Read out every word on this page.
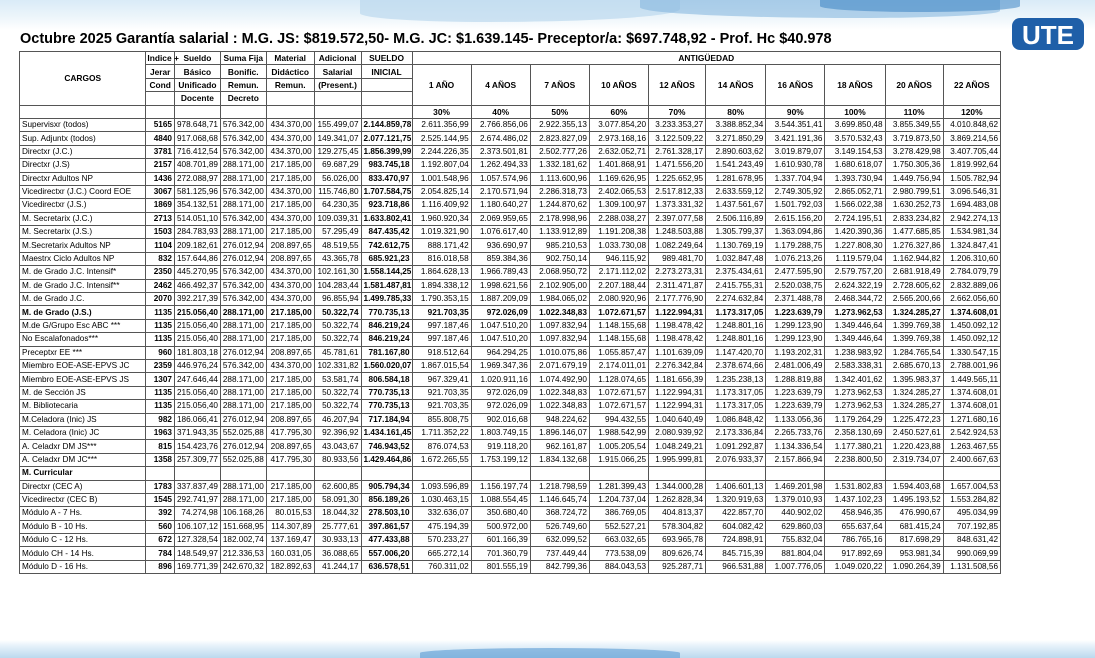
UTE
Octubre 2025 Garantía salarial : M.G. JS: $819.572,50- M.G. JC: $1.639.145- Preceptor/a: $697.748,92 - Prof. Hc $40.978
CARGOS	Indice +	Sueldo	Suma Fija	Material	Adicional	SUELDO	ANTIGÜEDAD									
	Jerar	Básico	Bonific.	Didáctico	Salarial	INICIAL	1 AÑO	4 AÑOS	7 AÑOS	10 AÑOS	12 AÑOS	14 AÑOS	16 AÑOS	18 AÑOS	20 AÑOS	22 AÑOS
	Cond	Unificado	Remun.	Remun.	(Present.)											
		Docente	Decreto													
							30%	40%	50%	60%	70%	80%	90%	100%	110%	120%
Supervisxr (todos)	5165	978.648,71	576.342,00	434.370,00	155.499,07	2.144.859,78	2.611.356,99	2.766.856,06	2.922.355,13	3.077.854,20	3.233.353,27	3.388.852,34	3.544.351,41	3.699.850,48	3.855.349,55	4.010.848,62
Sup. Adjuntx (todos)	4840	917.068,68	576.342,00	434.370,00	149.341,07	2.077.121,75	2.525.144,95	2.674.486,02	2.823.827,09	2.973.168,16	3.122.509,22	3.271.850,29	3.421.191,36	3.570.532,43	3.719.873,50	3.869.214,56
Directxr (J.C.)	3781	716.412,54	576.342,00	434.370,00	129.275,45	1.856.399,99	2.244.226,35	2.373.501,81	2.502.777,26	2.632.052,71	2.761.328,17	2.890.603,62	3.019.879,07	3.149.154,53	3.278.429,98	3.407.705,44
Directxr (J.S)	2157	408.701,89	288.171,00	217.185,00	69.687,29	983.745,18	1.192.807,04	1.262.494,33	1.332.181,62	1.401.868,91	1.471.556,20	1.541.243,49	1.610.930,78	1.680.618,07	1.750.305,36	1.819.992,64
Directxr Adultos NP	1436	272.088,97	288.171,00	217.185,00	56.026,00	833.470,97	1.001.548,96	1.057.574,96	1.113.600,96	1.169.626,95	1.225.652,95	1.281.678,95	1.337.704,94	1.393.730,94	1.449.756,94	1.505.782,94
Vicedirectxr (J.C.) Coord EOE	3067	581.125,96	576.342,00	434.370,00	115.746,80	1.707.584,75	2.054.825,14	2.170.571,94	2.286.318,73	2.402.065,53	2.517.812,33	2.633.559,12	2.749.305,92	2.865.052,71	2.980.799,51	3.096.546,31
Vicedirectxr (J.S.)	1869	354.132,51	288.171,00	217.185,00	64.230,35	923.718,86	1.116.409,92	1.180.640,27	1.244.870,62	1.309.100,97	1.373.331,32	1.437.561,67	1.501.792,03	1.566.022,38	1.630.252,73	1.694.483,08
M. Secretarix (J.C.)	2713	514.051,10	576.342,00	434.370,00	109.039,31	1.633.802,41	1.960.920,34	2.069.959,65	2.178.998,96	2.288.038,27	2.397.077,58	2.506.116,89	2.615.156,20	2.724.195,51	2.833.234,82	2.942.274,13
M. Secretarix (J.S.)	1503	284.783,93	288.171,00	217.185,00	57.295,49	847.435,42	1.019.321,90	1.076.617,40	1.133.912,89	1.191.208,38	1.248.503,88	1.305.799,37	1.363.094,86	1.420.390,36	1.477.685,85	1.534.981,34
M.Secretarix Adultos NP	1104	209.182,61	276.012,94	208.897,65	48.519,55	742.612,75	888.171,42	936.690,97	985.210,53	1.033.730,08	1.082.249,64	1.130.769,19	1.179.288,75	1.227.808,30	1.276.327,86	1.324.847,41
Maestrx Ciclo Adultos NP	832	157.644,86	276.012,94	208.897,65	43.365,78	685.921,23	816.018,58	859.384,36	902.750,14	946.115,92	989.481,70	1.032.847,48	1.076.213,26	1.119.579,04	1.162.944,82	1.206.310,60
M. de Grado J.C. Intensif*	2350	445.270,95	576.342,00	434.370,00	102.161,30	1.558.144,25	1.864.628,13	1.966.789,43	2.068.950,72	2.171.112,02	2.273.273,31	2.375.434,61	2.477.595,90	2.579.757,20	2.681.918,49	2.784.079,79
M. de Grado J.C. Intensif**	2462	466.492,37	576.342,00	434.370,00	104.283,44	1.581.487,81	1.894.338,12	1.998.621,56	2.102.905,00	2.207.188,44	2.311.471,87	2.415.755,31	2.520.038,75	2.624.322,19	2.728.605,62	2.832.889,06
M. de Grado J.C.	2070	392.217,39	576.342,00	434.370,00	96.855,94	1.499.785,33	1.790.353,15	1.887.209,09	1.984.065,02	2.080.920,96	2.177.776,90	2.274.632,84	2.371.488,78	2.468.344,72	2.565.200,66	2.662.056,60
M. de Grado (J.S.)	1135	215.056,40	288.171,00	217.185,00	50.322,74	770.735,13	921.703,35	972.026,09	1.022.348,83	1.072.671,57	1.122.994,31	1.173.317,05	1.223.639,79	1.273.962,53	1.324.285,27	1.374.608,01
M.de G/Grupo Esc ABC ***	1135	215.056,40	288.171,00	217.185,00	50.322,74	846.219,24	997.187,46	1.047.510,20	1.097.832,94	1.148.155,68	1.198.478,42	1.248.801,16	1.299.123,90	1.349.446,64	1.399.769,38	1.450.092,12
No Escalafonados***	1135	215.056,40	288.171,00	217.185,00	50.322,74	846.219,24	997.187,46	1.047.510,20	1.097.832,94	1.148.155,68	1.198.478,42	1.248.801,16	1.299.123,90	1.349.446,64	1.399.769,38	1.450.092,12
Preceptxr EE ***	960	181.803,18	276.012,94	208.897,65	45.781,61	781.167,80	918.512,64	964.294,25	1.010.075,86	1.055.857,47	1.101.639,09	1.147.420,70	1.193.202,31	1.238.983,92	1.284.765,54	1.330.547,15
Miembro EOE-ASE-EPVS JC	2359	446.976,24	576.342,00	434.370,00	102.331,82	1.560.020,07	1.867.015,54	1.969.347,36	2.071.679,19	2.174.011,01	2.276.342,84	2.378.674,66	2.481.006,49	2.583.338,31	2.685.670,13	2.788.001,96
Miembro EOE-ASE-EPVS JS	1307	247.646,44	288.171,00	217.185,00	53.581,74	806.584,18	967.329,41	1.020.911,16	1.074.492,90	1.128.074,65	1.181.656,39	1.235.238,13	1.288.819,88	1.342.401,62	1.395.983,37	1.449.565,11
M. de Sección JS	1135	215.056,40	288.171,00	217.185,00	50.322,74	770.735,13	921.703,35	972.026,09	1.022.348,83	1.072.671,57	1.122.994,31	1.173.317,05	1.223.639,79	1.273.962,53	1.324.285,27	1.374.608,01
M. Bibliotecaria	1135	215.056,40	288.171,00	217.185,00	50.322,74	770.735,13	921.703,35	972.026,09	1.022.348,83	1.072.671,57	1.122.994,31	1.173.317,05	1.223.639,79	1.273.962,53	1.324.285,27	1.374.608,01
M.Celadora (Inic) JS	982	186.066,41	276.012,94	208.897,65	46.207,94	717.184,94	855.808,75	902.016,68	948.224,62	994.432,55	1.040.640,49	1.086.848,42	1.133.056,36	1.179.264,29	1.225.472,23	1.271.680,16
M. Celadora (Inic) JC	1963	371.943,35	552.025,88	417.795,30	92.396,92	1.434.161,45	1.711.352,22	1.803.749,15	1.896.146,07	1.988.542,99	2.080.939,92	2.173.336,84	2.265.733,76	2.358.130,69	2.450.527,61	2.542.924,53
A. Celadxr DM JS***	815	154.423,76	276.012,94	208.897,65	43.043,67	746.943,52	876.074,53	919.118,20	962.161,87	1.005.205,54	1.048.249,21	1.091.292,87	1.134.336,54	1.177.380,21	1.220.423,88	1.263.467,55
A. Celadxr DM JC***	1358	257.309,77	552.025,88	417.795,30	80.933,56	1.429.464,86	1.672.265,55	1.753.199,12	1.834.132,68	1.915.066,25	1.995.999,81	2.076.933,37	2.157.866,94	2.238.800,50	2.319.734,07	2.400.667,63
M. Curricular																
Directxr (CEC A)	1783	337.837,49	288.171,00	217.185,00	62.600,85	905.794,34	1.093.596,89	1.156.197,74	1.218.798,59	1.281.399,43	1.344.000,28	1.406.601,13	1.469.201,98	1.531.802,83	1.594.403,68	1.657.004,53
Vicedirectxr (CEC B)	1545	292.741,97	288.171,00	217.185,00	58.091,30	856.189,26	1.030.463,15	1.088.554,45	1.146.645,74	1.204.737,04	1.262.828,34	1.320.919,63	1.379.010,93	1.437.102,23	1.495.193,52	1.553.284,82
Módulo A - 7 Hs.	392	74.274,98	106.168,26	80.015,53	18.044,32	278.503,10	332.636,07	350.680,40	368.724,72	386.769,05	404.813,37	422.857,70	440.902,02	458.946,35	476.990,67	495.034,99
Módulo B - 10 Hs.	560	106.107,12	151.668,95	114.307,89	25.777,61	397.861,57	475.194,39	500.972,00	526.749,60	552.527,21	578.304,82	604.082,42	629.860,03	655.637,64	681.415,24	707.192,85
Módulo C - 12 Hs.	672	127.328,54	182.002,74	137.169,47	30.933,13	477.433,88	570.233,27	601.166,39	632.099,52	663.032,65	693.965,78	724.898,91	755.832,04	786.765,16	817.698,29	848.631,42
Módulo CH - 14 Hs.	784	148.549,97	212.336,53	160.031,05	36.088,65	557.006,20	665.272,14	701.360,79	737.449,44	773.538,09	809.626,74	845.715,39	881.804,04	917.892,69	953.981,34	990.069,99
Módulo D - 16 Hs.	896	169.771,39	242.670,32	182.892,63	41.244,17	636.578,51	760.311,02	801.555,19	842.799,36	884.043,53	925.287,71	966.531,88	1.007.776,05	1.049.020,22	1.090.264,39	1.131.508,56
